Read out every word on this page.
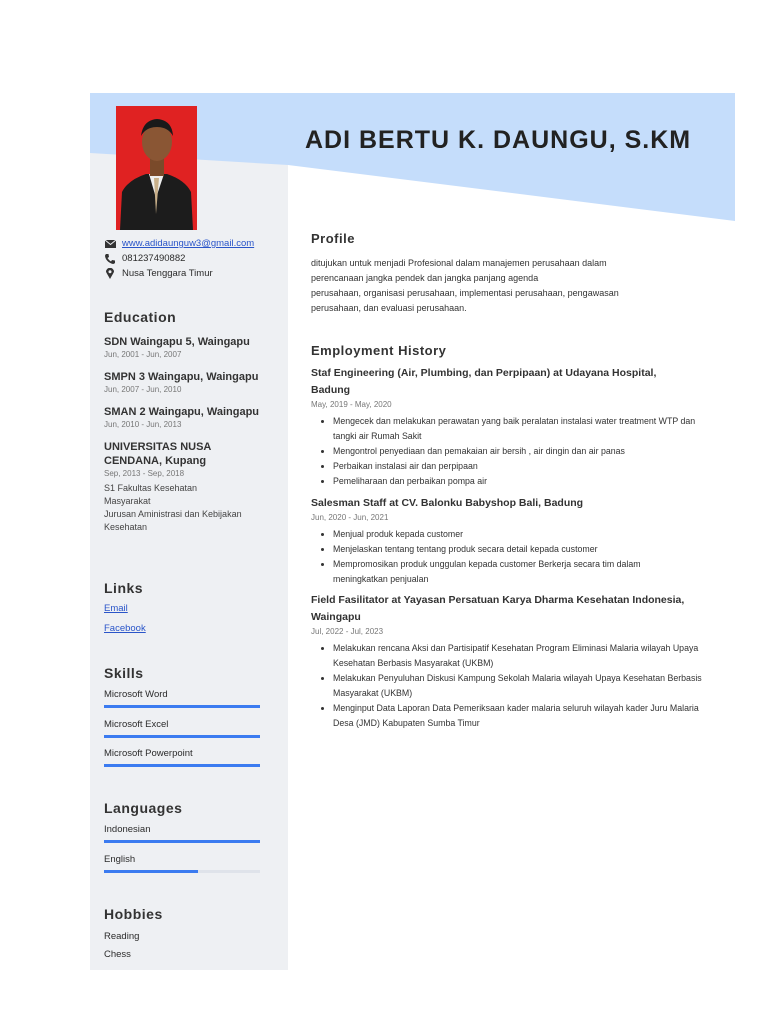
ADI BERTU K. DAUNGU, S.KM
www.adidaunguw3@gmail.com
081237490882
Nusa Tenggara Timur
Education
SDN Waingapu 5, Waingapu
Jun, 2001 - Jun, 2007
SMPN 3 Waingapu, Waingapu
Jun, 2007 - Jun, 2010
SMAN 2 Waingapu, Waingapu
Jun, 2010 - Jun, 2013
UNIVERSITAS NUSA CENDANA, Kupang
Sep, 2013 - Sep, 2018
S1 Fakultas Kesehatan Masyarakat
Jurusan Aministrasi dan Kebijakan Kesehatan
Links
Email
Facebook
Skills
Microsoft Word
Microsoft Excel
Microsoft Powerpoint
Languages
Indonesian
English
Hobbies
Reading
Chess
Profile
ditujukan untuk menjadi Profesional dalam manajemen perusahaan dalam
perencanaan jangka pendek dan jangka panjang agenda
perusahaan, organisasi perusahaan, implementasi perusahaan, pengawasan
perusahaan, dan evaluasi perusahaan.
Employment History
Staf Engineering (Air, Plumbing, dan Perpipaan) at Udayana Hospital, Badung
May, 2019 - May, 2020
• Mengecek dan melakukan perawatan yang baik peralatan instalasi water treatment WTP dan tangki air Rumah Sakit
• Mengontrol penyediaan dan pemakaian air bersih , air dingin dan air panas
• Perbaikan instalasi air dan perpipaan
• Pemeliharaan dan perbaikan pompa air
Salesman Staff at CV. Balonku Babyshop Bali, Badung
Jun, 2020 - Jun, 2021
• Menjual produk kepada customer
• Menjelaskan tentang tentang produk secara detail kepada customer
• Mempromosikan produk unggulan kepada customer Berkerja secara tim dalam meningkatkan penjualan
Field Fasilitator at Yayasan Persatuan Karya Dharma Kesehatan Indonesia, Waingapu
Jul, 2022 - Jul, 2023
• Melakukan rencana Aksi dan Partisipatif Kesehatan Program Eliminasi Malaria wilayah Upaya Kesehatan Berbasis Masyarakat (UKBM)
• Melakukan Penyuluhan Diskusi Kampung Sekolah Malaria wilayah Upaya Kesehatan Berbasis Masyarakat (UKBM)
• Menginput Data Laporan Data Pemeriksaan kader malaria seluruh wilayah kader Juru Malaria Desa (JMD) Kabupaten Sumba Timur
